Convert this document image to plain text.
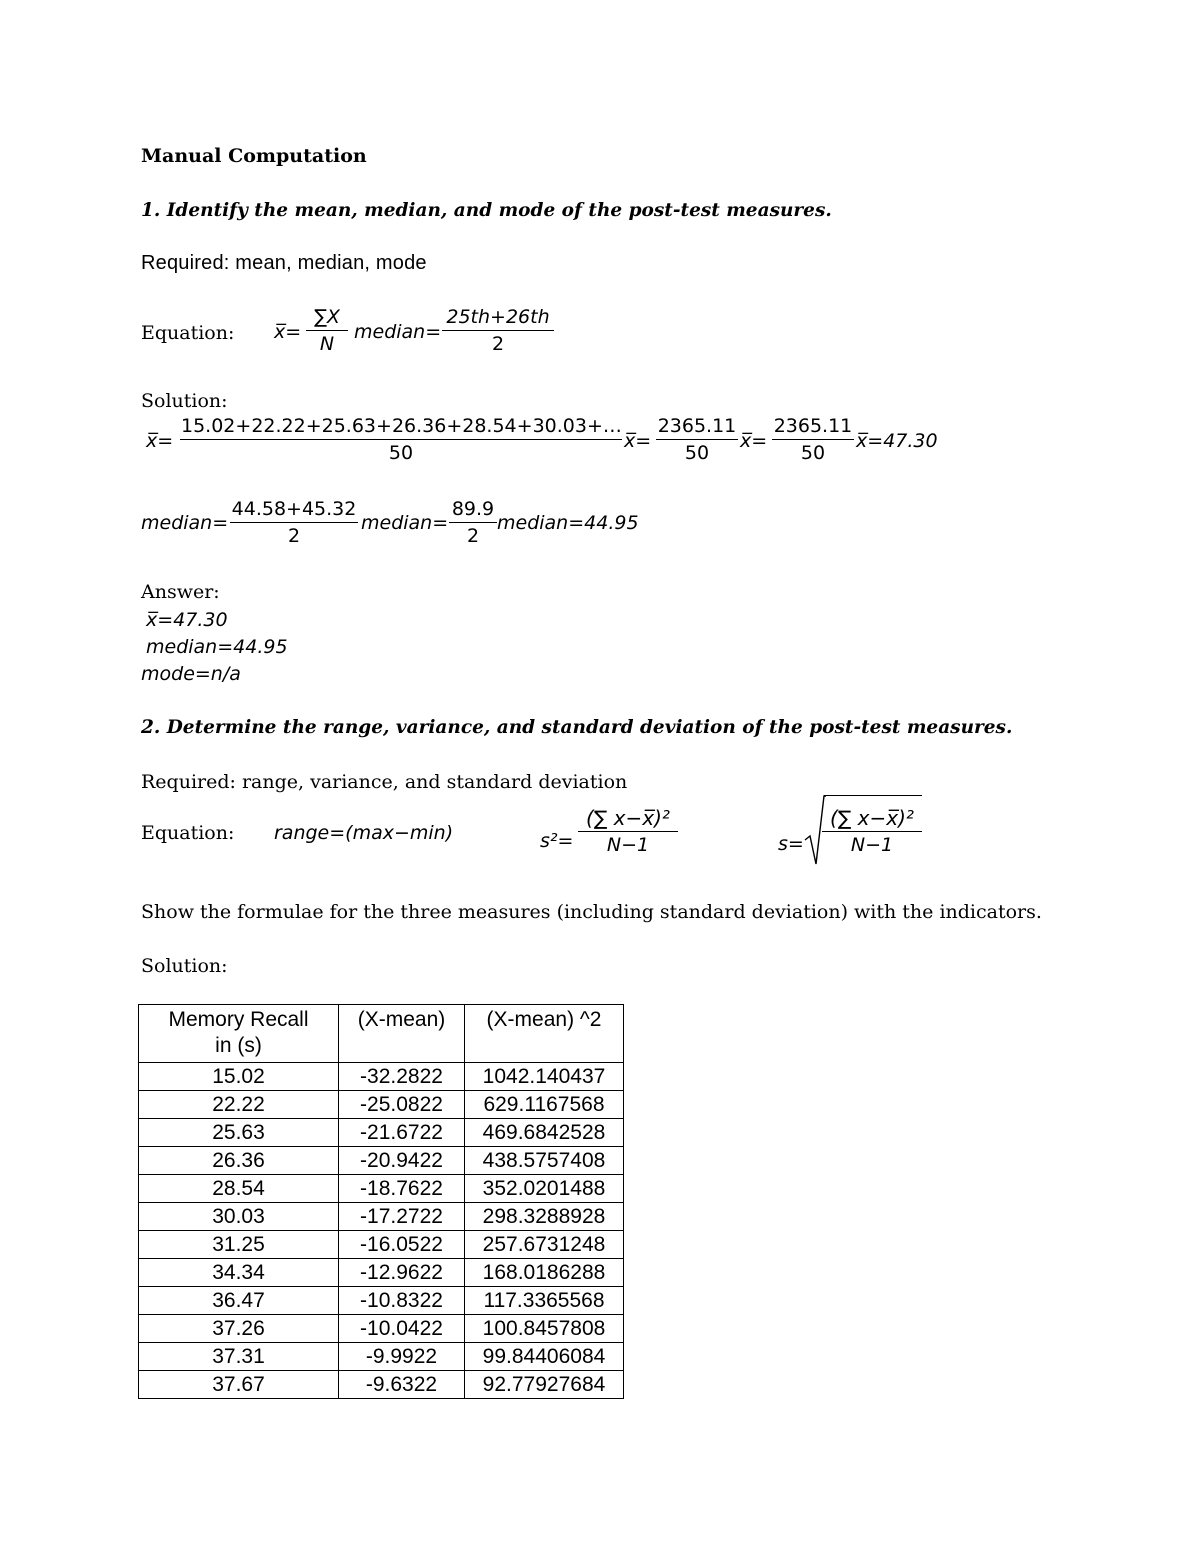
Manual Computation
1. Identify the mean, median, and mode of the post-test measures.
Required: mean, median, mode
Equation: x̅= $\frac{\sum X}{N}$ median= $\frac{25th+26th}{2}$
Solution:
x̅= $\frac{15.02+22.22+25.63+26.36+28.54+30.03+\dots}{50}$ x̅= $\frac{2365.11}{50}$ x̅= $\frac{2365.11}{50}$ x̅=47.30
median= $\frac{44.58+45.32}{2}$ median= $\frac{89.9}{2}$ median=44.95
Answer:
x̅=47.30
median=44.95
mode=n/a
2. Determine the range, variance, and standard deviation of the post-test measures.
Required: range, variance, and standard deviation
Equation: range=(max−min)	$s^2= \frac{\text{(∑ x−x̅)²}}{N-1}$	$s= \frac{\text{(∑ x−x̅)²}}{N-1}$
Show the formulae for the three measures (including standard deviation) with the indicators.
Solution:
Memory Recall in (s)	(X-mean)	(X-mean) ^2
15.02	-32.2822	1042.140437
22.22	-25.0822	629.1167568
25.63	-21.6722	469.6842528
26.36	-20.9422	438.5757408
28.54	-18.7622	352.0201488
30.03	-17.2722	298.3288928
31.25	-16.0522	257.6731248
34.34	-12.9622	168.0186288
36.47	-10.8322	117.3365568
37.26	-10.0422	100.8457808
37.31	-9.9922	99.84406084
37.67	-9.6322	92.77927684
